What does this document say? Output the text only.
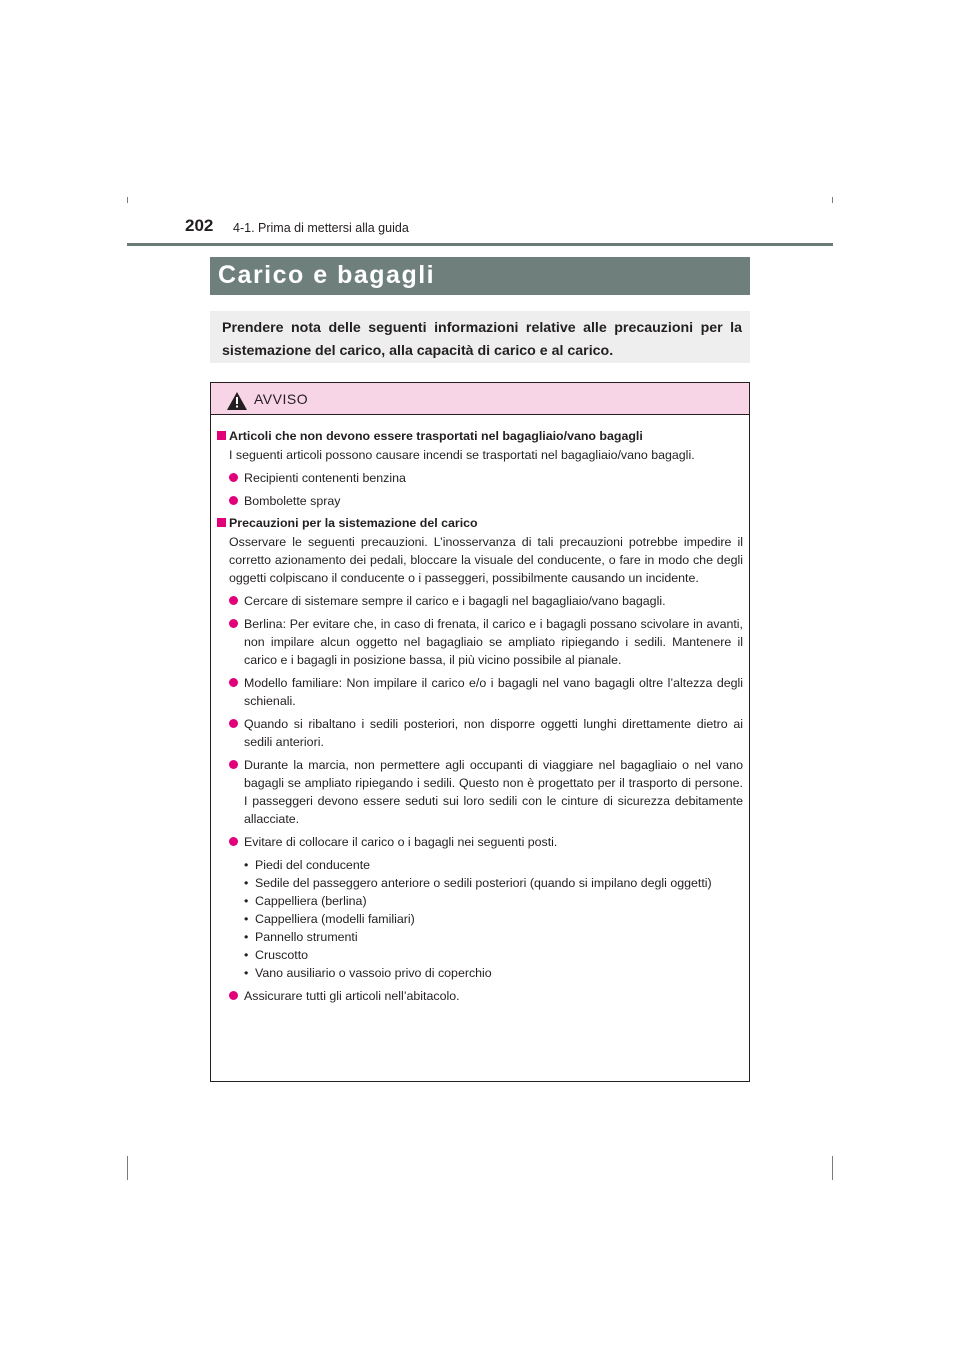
202 4-1. Prima di mettersi alla guida
Carico e bagagli
Prendere nota delle seguenti informazioni relative alle precauzioni per la sistemazione del carico, alla capacità di carico e al carico.
AVVISO
Articoli che non devono essere trasportati nel bagagliaio/vano bagagli
I seguenti articoli possono causare incendi se trasportati nel bagagliaio/vano bagagli.
Recipienti contenenti benzina
Bombolette spray
Precauzioni per la sistemazione del carico
Osservare le seguenti precauzioni. L’inosservanza di tali precauzioni potrebbe impedire il corretto azionamento dei pedali, bloccare la visuale del conducente, o fare in modo che degli oggetti colpiscano il conducente o i passeggeri, possibilmente causando un incidente.
Cercare di sistemare sempre il carico e i bagagli nel bagagliaio/vano bagagli.
Berlina: Per evitare che, in caso di frenata, il carico e i bagagli possano scivolare in avanti, non impilare alcun oggetto nel bagagliaio se ampliato ripiegando i sedili. Mantenere il carico e i bagagli in posizione bassa, il più vicino possibile al pianale.
Modello familiare: Non impilare il carico e/o i bagagli nel vano bagagli oltre l’altezza degli schienali.
Quando si ribaltano i sedili posteriori, non disporre oggetti lunghi direttamente dietro ai sedili anteriori.
Durante la marcia, non permettere agli occupanti di viaggiare nel bagagliaio o nel vano bagagli se ampliato ripiegando i sedili. Questo non è progettato per il trasporto di persone. I passeggeri devono essere seduti sui loro sedili con le cinture di sicurezza debitamente allacciate.
Evitare di collocare il carico o i bagagli nei seguenti posti.
• Piedi del conducente
• Sedile del passeggero anteriore o sedili posteriori (quando si impilano degli oggetti)
• Cappelliera (berlina)
• Cappelliera (modelli familiari)
• Pannello strumenti
• Cruscotto
• Vano ausiliario o vassoio privo di coperchio
Assicurare tutti gli articoli nell’abitacolo.
